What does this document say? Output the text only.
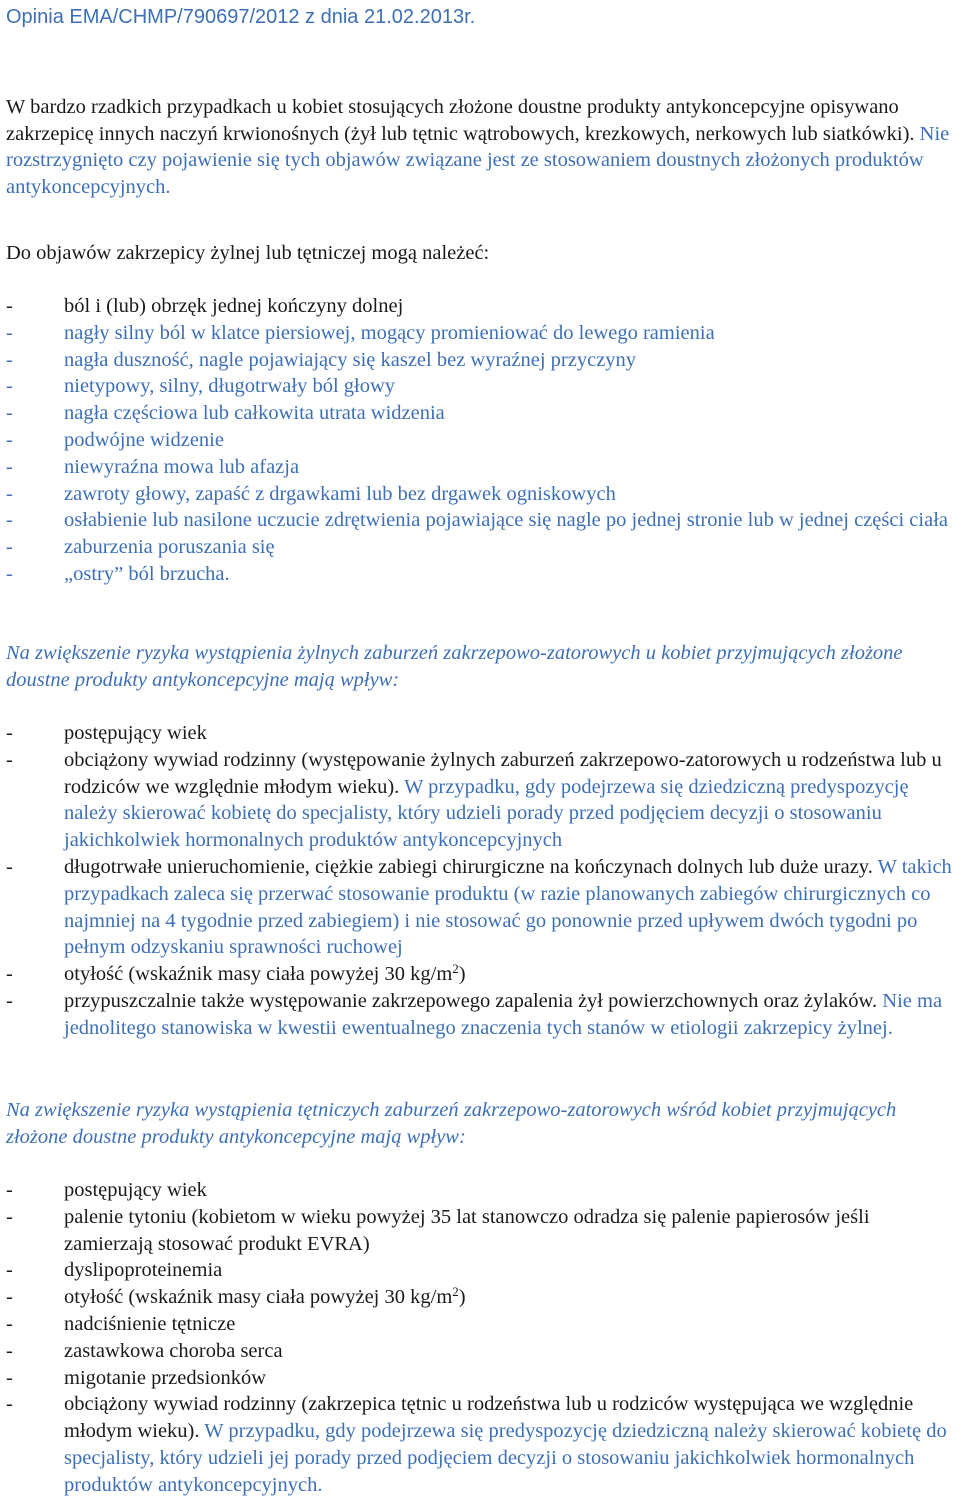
Opinia EMA/CHMP/790697/2012 z dnia 21.02.2013r.

W bardzo rzadkich przypadkach u kobiet stosujących złożone doustne produkty antykoncepcyjne opisywano zakrzepicę innych naczyń krwionośnych (żył lub tętnic wątrobowych, krezkowych, nerkowych lub siatkówki). Nie rozstrzygnięto czy pojawienie się tych objawów związane jest ze stosowaniem doustnych złożonych produktów antykoncepcyjnych.

Do objawów zakrzepicy żylnej lub tętniczej mogą należeć:

- ból i (lub) obrzęk jednej kończyny dolnej
- nagły silny ból w klatce piersiowej, mogący promieniować do lewego ramienia
- nagła duszność, nagle pojawiający się kaszel bez wyraźnej przyczyny
- nietypowy, silny, długotrwały ból głowy
- nagła częściowa lub całkowita utrata widzenia
- podwójne widzenie
- niewyraźna mowa lub afazja
- zawroty głowy, zapaść z drgawkami lub bez drgawek ogniskowych
- osłabienie lub nasilone uczucie zdrętwienia pojawiające się nagle po jednej stronie lub w jednej części ciała
- zaburzenia poruszania się
- „ostry” ból brzucha.

Na zwiększenie ryzyka wystąpienia żylnych zaburzeń zakrzepowo-zatorowych u kobiet przyjmujących złożone doustne produkty antykoncepcyjne mają wpływ:

- postępujący wiek
- obciążony wywiad rodzinny (występowanie żylnych zaburzeń zakrzepowo-zatorowych u rodzeństwa lub u rodziców we względnie młodym wieku). W przypadku, gdy podejrzewa się dziedziczną predyspozycję należy skierować kobietę do specjalisty, który udzieli porady przed podjęciem decyzji o stosowaniu jakichkolwiek hormonalnych produktów antykoncepcyjnych
- długotrwałe unieruchomienie, ciężkie zabiegi chirurgiczne na kończynach dolnych lub duże urazy. W takich przypadkach zaleca się przerwać stosowanie produktu (w razie planowanych zabiegów chirurgicznych co najmniej na 4 tygodnie przed zabiegiem) i nie stosować go ponownie przed upływem dwóch tygodni po pełnym odzyskaniu sprawności ruchowej
- otyłość (wskaźnik masy ciała powyżej 30 $kg/m^2$)
- przypuszczalnie także występowanie zakrzepowego zapalenia żył powierzchownych oraz żylaków. Nie ma jednolitego stanowiska w kwestii ewentualnego znaczenia tych stanów w etiologii zakrzepicy żylnej.

Na zwiększenie ryzyka wystąpienia tętniczych zaburzeń zakrzepowo-zatorowych wśród kobiet przyjmujących złożone doustne produkty antykoncepcyjne mają wpływ:

- postępujący wiek
- palenie tytoniu (kobietom w wieku powyżej 35 lat stanowczo odradza się palenie papierosów jeśli zamierzają stosować produkt EVRA)
- dyslipoproteinemia
- otyłość (wskaźnik masy ciała powyżej 30 $kg/m^2$)
- nadciśnienie tętnicze
- zastawkowa choroba serca
- migotanie przedsionków
- obciążony wywiad rodzinny (zakrzepica tętnic u rodzeństwa lub u rodziców występująca we względnie młodym wieku). W przypadku, gdy podejrzewa się predyspozycję dziedziczną należy skierować kobietę do specjalisty, który udzieli jej porady przed podjęciem decyzji o stosowaniu jakichkolwiek hormonalnych produktów antykoncepcyjnych.
